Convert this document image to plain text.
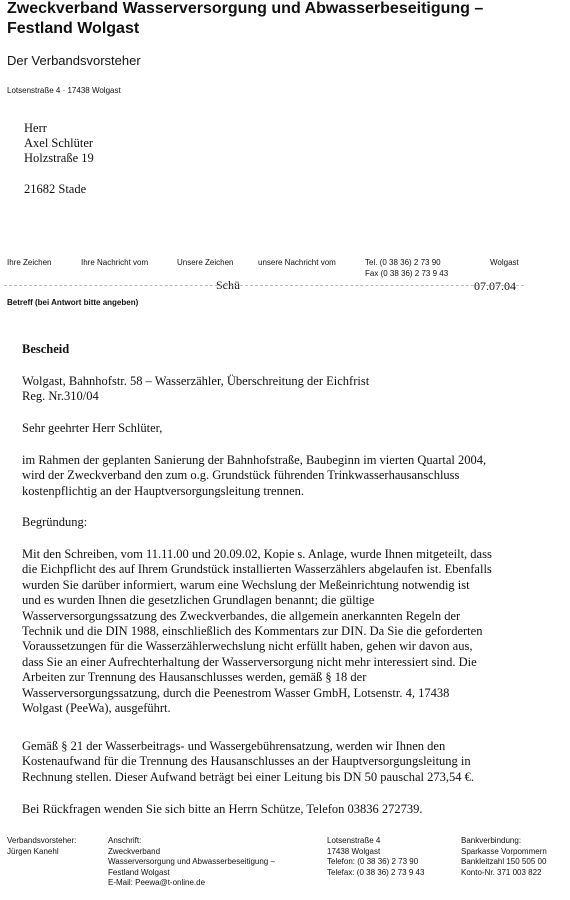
Zweckverband Wasserversorgung und Abwasserbeseitigung –
Festland Wolgast
Der Verbandsvorsteher
Lotsenstraße 4 · 17438 Wolgast
Herr
Axel Schlüter
Holzstraße 19
21682 Stade
Ihre Zeichen	Ihre Nachricht vom	Unsere Zeichen	unsere Nachricht vom	Tel. (0 38 36) 2 73 90
Fax (0 38 36) 2 73 9 43
Wolgast
Schü	07.07.04
Betreff (bei Antwort bitte angeben)
Bescheid
Wolgast, Bahnhofstr. 58 – Wasserzähler, Überschreitung der Eichfrist
Reg. Nr.310/04
Sehr geehrter Herr Schlüter,
im Rahmen der geplanten Sanierung der Bahnhofstraße, Baubeginn im vierten Quartal 2004,
wird der Zweckverband den zum o.g. Grundstück führenden Trinkwasserhausanschluss
kostenpflichtig an der Hauptversorgungsleitung trennen.
Begründung:
Mit den Schreiben, vom 11.11.00 und 20.09.02, Kopie s. Anlage, wurde Ihnen mitgeteilt, dass
die Eichpflicht des auf Ihrem Grundstück installierten Wasserzählers abgelaufen ist. Ebenfalls
wurden Sie darüber informiert, warum eine Wechslung der Meßeinrichtung notwendig ist
und es wurden Ihnen die gesetzlichen Grundlagen benannt; die gültige
Wasserversorgungssatzung des Zweckverbandes, die allgemein anerkannten Regeln der
Technik und die DIN 1988, einschließlich des Kommentars zur DIN. Da Sie die geforderten
Voraussetzungen für die Wasserzählerwechslung nicht erfüllt haben, gehen wir davon aus,
dass Sie an einer Aufrechterhaltung der Wasserversorgung nicht mehr interessiert sind. Die
Arbeiten zur Trennung des Hausanschlusses werden, gemäß § 18 der
Wasserversorgungssatzung, durch die Peenestrom Wasser GmbH, Lotsenstr. 4, 17438
Wolgast (PeeWa), ausgeführt.
Gemäß § 21 der Wasserbeitrags- und Wassergebührensatzung, werden wir Ihnen den
Kostenaufwand für die Trennung des Hausanschlusses an der Hauptversorgungsleitung in
Rechnung stellen. Dieser Aufwand beträgt bei einer Leitung bis DN 50 pauschal 273,54 €.
Bei Rückfragen wenden Sie sich bitte an Herrn Schütze, Telefon 03836 272739.
Verbandsvorsteher:
Jürgen Kanehl
Anschrift:
Zweckverband
Wasserversorgung und Abwasserbeseitigung –
Festland Wolgast
E-Mail: Peewa@t-online.de
Lotsenstraße 4
17438 Wolgast
Telefon: (0 38 36) 2 73 90
Telefax: (0 38 36) 2 73 9 43
Bankverbindung:
Sparkasse Vorpommern
Bankleitzahl 150 505 00
Konto-Nr. 371 003 822
